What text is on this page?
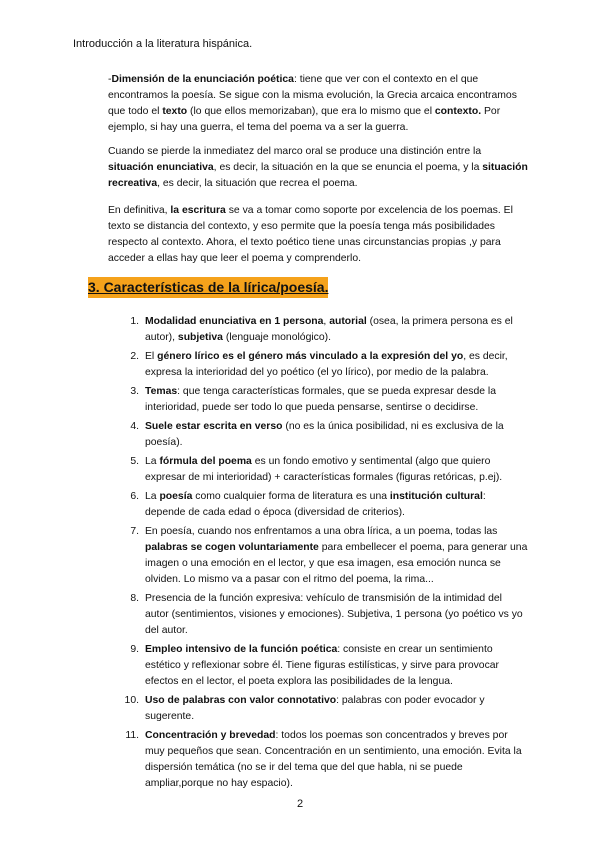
Introducción a la literatura hispánica.
-Dimensión de la enunciación poética: tiene que ver con el contexto en el que encontramos la poesía. Se sigue con la misma evolución, la Grecia arcaica encontramos que todo el texto (lo que ellos memorizaban), que era lo mismo que el contexto. Por ejemplo, si hay una guerra, el tema del poema va a ser la guerra.
Cuando se pierde la inmediatez del marco oral se produce una distinción entre la situación enunciativa, es decir, la situación en la que se enuncia el poema, y la situación recreativa, es decir, la situación que recrea el poema.
En definitiva, la escritura se va a tomar como soporte por excelencia de los poemas. El texto se distancia del contexto, y eso permite que la poesía tenga más posibilidades respecto al contexto. Ahora, el texto poético tiene unas circunstancias propias ,y para acceder a ellas hay que leer el poema y comprenderlo.
3. Características de la lírica/poesía.
1. Modalidad enunciativa en 1 persona, autorial (osea, la primera persona es el autor), subjetiva (lenguaje monológico).
2. El género lírico es el género más vinculado a la expresión del yo, es decir, expresa la interioridad del yo poético (el yo lírico), por medio de la palabra.
3. Temas: que tenga características formales, que se pueda expresar desde la interioridad, puede ser todo lo que pueda pensarse, sentirse o decidirse.
4. Suele estar escrita en verso (no es la única posibilidad, ni es exclusiva de la poesía).
5. La fórmula del poema es un fondo emotivo y sentimental (algo que quiero expresar de mi interioridad) + características formales (figuras retóricas, p.ej).
6. La poesía como cualquier forma de literatura es una institución cultural: depende de cada edad o época (diversidad de criterios).
7. En poesía, cuando nos enfrentamos a una obra lírica, a un poema, todas las palabras se cogen voluntariamente para embellecer el poema, para generar una imagen o una emoción en el lector, y que esa imagen, esa emoción nunca se olviden. Lo mismo va a pasar con el ritmo del poema, la rima...
8. Presencia de la función expresiva: vehículo de transmisión de la intimidad del autor (sentimientos, visiones y emociones). Subjetiva, 1 persona (yo poético vs yo del autor.
9. Empleo intensivo de la función poética: consiste en crear un sentimiento estético y reflexionar sobre él. Tiene figuras estilísticas, y sirve para provocar efectos en el lector, el poeta explora las posibilidades de la lengua.
10. Uso de palabras con valor connotativo: palabras con poder evocador y sugerente.
11. Concentración y brevedad: todos los poemas son concentrados y breves por muy pequeños que sean. Concentración en un sentimiento, una emoción. Evita la dispersión temática (no se ir del tema que del que habla, ni se puede ampliar,porque no hay espacio).
2
